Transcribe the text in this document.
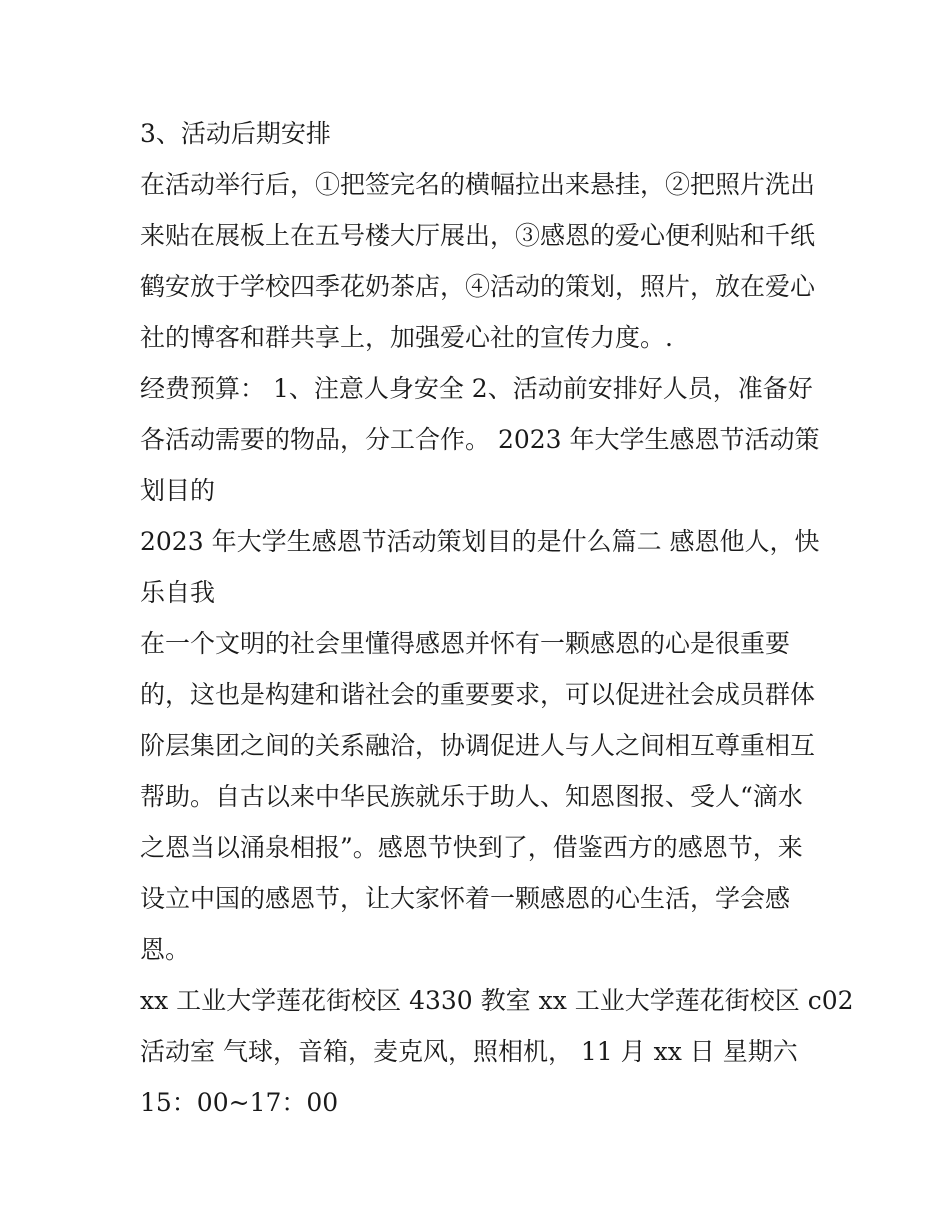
3、活动后期安排

在活动举行后，①把签完名的横幅拉出来悬挂，②把照片洗出
来贴在展板上在五号楼大厅展出，③感恩的爱心便利贴和千纸
鹤安放于学校四季花奶茶店，④活动的策划，照片，放在爱心
社的博客和群共享上，加强爱心社的宣传力度。.

经费预算： 1、注意人身安全 2、活动前安排好人员，准备好
各活动需要的物品，分工合作。 2023 年大学生感恩节活动策
划目的

2023 年大学生感恩节活动策划目的是什么篇二 感恩他人，快
乐自我

在一个文明的社会里懂得感恩并怀有一颗感恩的心是很重要
的，这也是构建和谐社会的重要要求，可以促进社会成员群体
阶层集团之间的关系融洽，协调促进人与人之间相互尊重相互
帮助。自古以来中华民族就乐于助人、知恩图报、受人“滴水
之恩当以涌泉相报”。感恩节快到了，借鉴西方的感恩节，来
设立中国的感恩节，让大家怀着一颗感恩的心生活，学会感
恩。

xx 工业大学莲花街校区 4330 教室 xx 工业大学莲花街校区 c02
活动室 气球，音箱，麦克风，照相机， 11 月 xx 日 星期六
15：00~17：00
